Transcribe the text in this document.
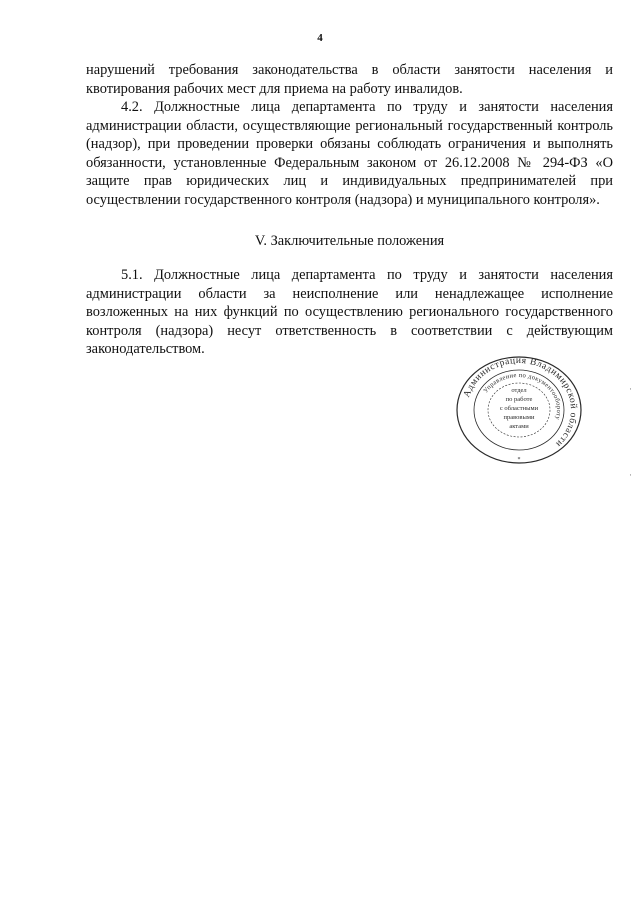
4
нарушений требования законодательства в области занятости населения и квотирования рабочих мест для приема на работу инвалидов.
4.2. Должностные лица департамента по труду и занятости населения администрации области, осуществляющие региональный государственный контроль (надзор), при проведении проверки обязаны соблюдать ограничения и выполнять обязанности, установленные Федеральным законом от 26.12.2008 № 294-ФЗ «О защите прав юридических лиц и индивидуальных предпринимателей при осуществлении государственного контроля (надзора) и муниципального контроля».
V. Заключительные положения
5.1. Должностные лица департамента по труду и занятости населения администрации области за неисполнение или ненадлежащее исполнение возложенных на них функций по осуществлению регионального государственного контроля (надзора) несут ответственность в соответствии с действующим законодательством.
Администрация Владимирской области
Управление по документообороту
отдел
по работе
с областными
правовыми
актами
*
·
·
